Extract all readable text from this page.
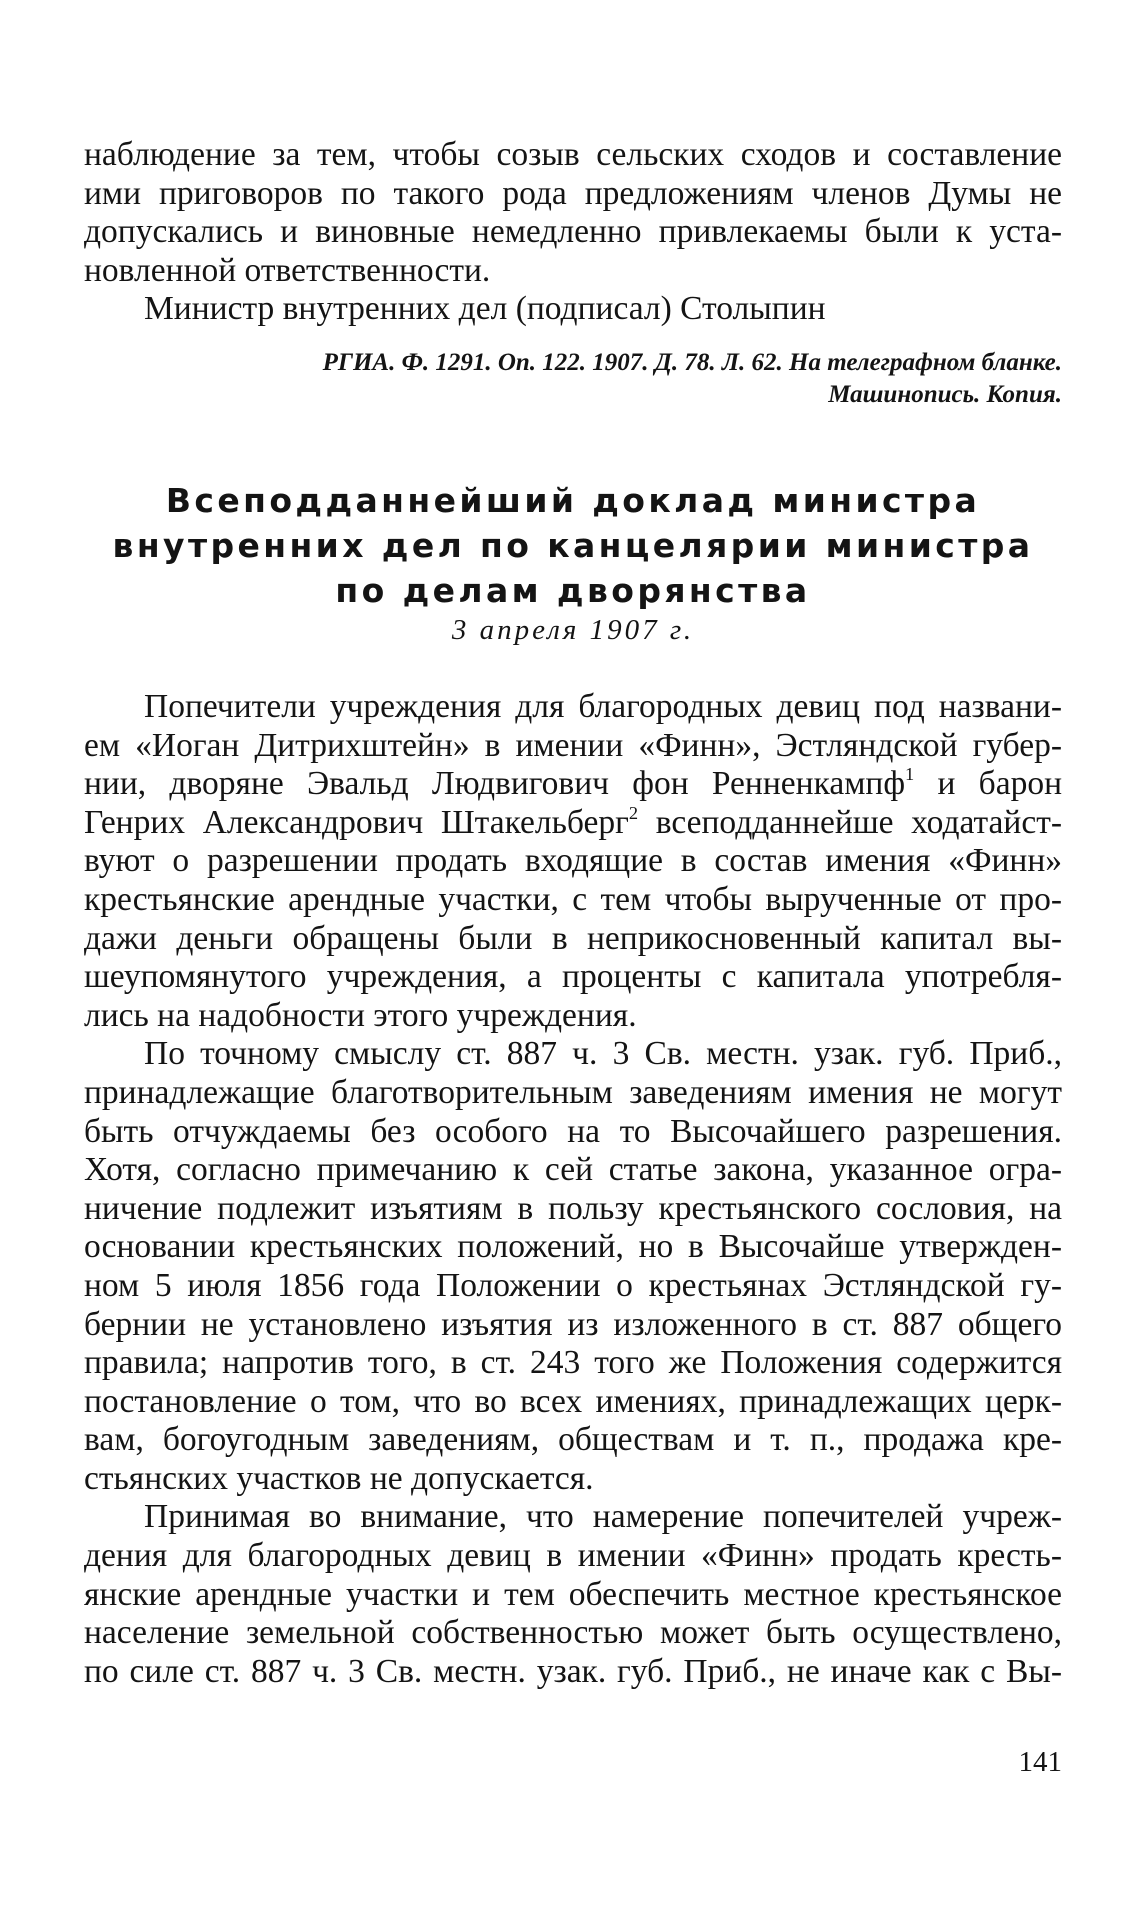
наблюдение за тем, чтобы созыв сельских сходов и составление
ими приговоров по такого рода предложениям членов Думы не
допускались и виновные немедленно привлекаемы были к уста-
новленной ответственности.
Министр внутренних дел (подписал) Столыпин
РГИА. Ф. 1291. Оп. 122. 1907. Д. 78. Л. 62. На телеграфном бланке.
Машинопись. Копия.
Всеподданнейший доклад министра
внутренних дел по канцелярии министра
по делам дворянства
3 апреля 1907 г.
Попечители учреждения для благородных девиц под названи-
ем «Иоган Дитрихштейн» в имении «Финн», Эстляндской губер-
нии, дворяне Эвальд Людвигович фон Ренненкампф$^1$ и барон
Генрих Александрович Штакельберг$^2$ всеподданнейше ходатайст-
вуют о разрешении продать входящие в состав имения «Финн»
крестьянские арендные участки, с тем чтобы вырученные от про-
дажи деньги обращены были в неприкосновенный капитал вы-
шеупомянутого учреждения, а проценты с капитала употребля-
лись на надобности этого учреждения.
По точному смыслу ст. 887 ч. 3 Св. местн. узак. губ. Приб.,
принадлежащие благотворительным заведениям имения не могут
быть отчуждаемы без особого на то Высочайшего разрешения.
Хотя, согласно примечанию к сей статье закона, указанное огра-
ничение подлежит изъятиям в пользу крестьянского сословия, на
основании крестьянских положений, но в Высочайше утвержден-
ном 5 июля 1856 года Положении о крестьянах Эстляндской гу-
бернии не установлено изъятия из изложенного в ст. 887 общего
правила; напротив того, в ст. 243 того же Положения содержится
постановление о том, что во всех имениях, принадлежащих церк-
вам, богоугодным заведениям, обществам и т. п., продажа кре-
стьянских участков не допускается.
Принимая во внимание, что намерение попечителей учреж-
дения для благородных девиц в имении «Финн» продать кресть-
янские арендные участки и тем обеспечить местное крестьянское
население земельной собственностью может быть осуществлено,
по силе ст. 887 ч. 3 Св. местн. узак. губ. Приб., не иначе как с Вы-
141
